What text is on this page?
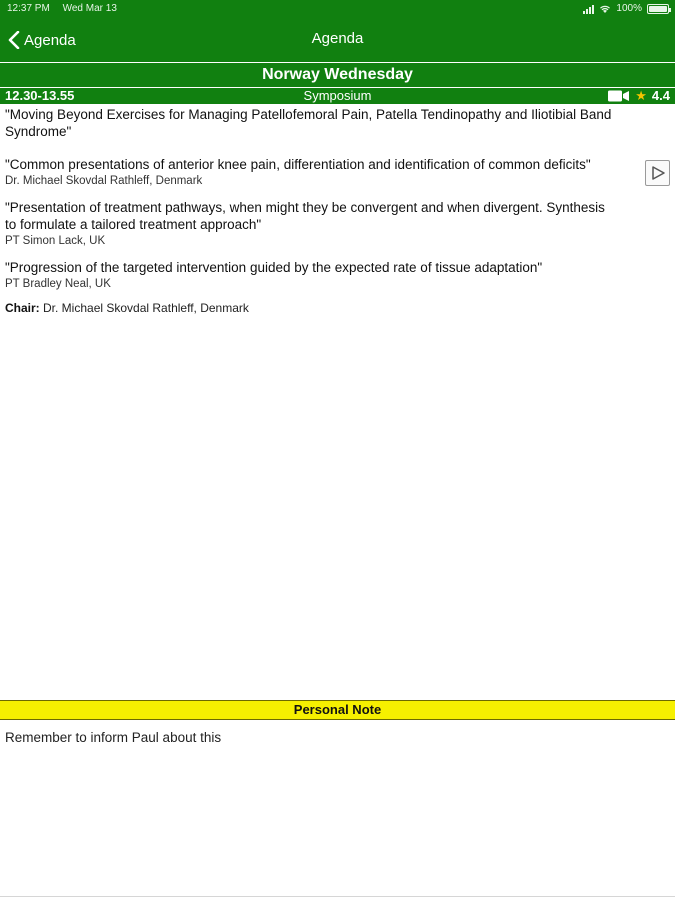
12:37 PM Wed Mar 13	100%
Agenda	Agenda
Norway Wednesday
12.30-13.55	Symposium	★ 4.4
"Moving Beyond Exercises for Managing Patellofemoral Pain, Patella Tendinopathy and Iliotibial Band Syndrome"
"Common presentations of anterior knee pain, differentiation and identification of common deficits"
Dr. Michael Skovdal Rathleff, Denmark
"Presentation of treatment pathways, when might they be convergent and when divergent. Synthesis to formulate a tailored treatment approach"
PT Simon Lack, UK
"Progression of the targeted intervention guided by the expected rate of tissue adaptation"
PT Bradley Neal, UK
Chair: Dr. Michael Skovdal Rathleff, Denmark
Personal Note
Remember to inform Paul about this
